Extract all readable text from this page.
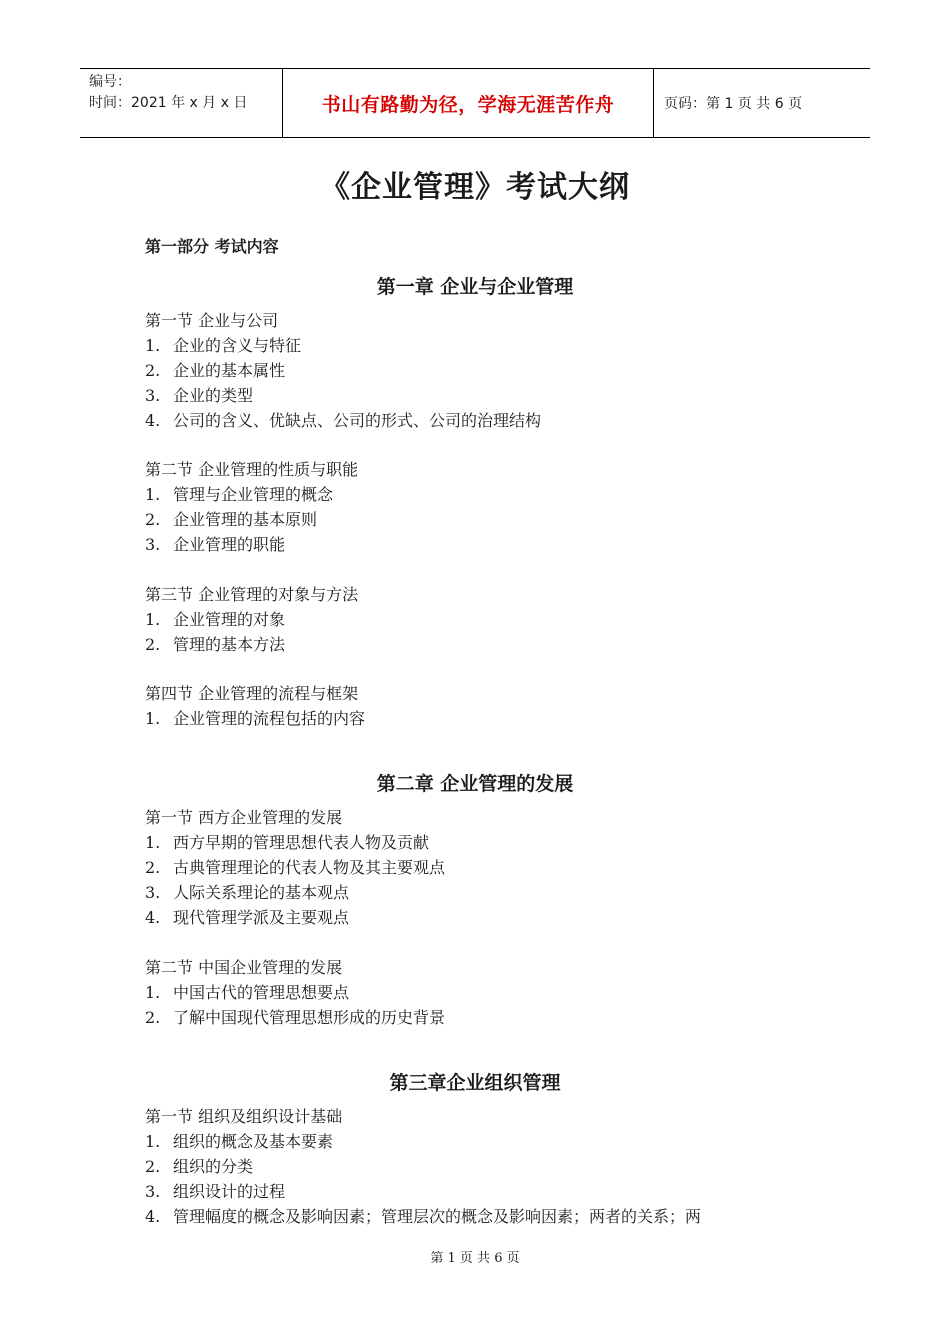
编号：
时间：2021 年 x 月 x 日	书山有路勤为径，学海无涯苦作舟	页码：第 1 页 共 6 页
《企业管理》考试大纲
第一部分 考试内容
第一章 企业与企业管理
第一节 企业与公司
1. 企业的含义与特征
2. 企业的基本属性
3. 企业的类型
4. 公司的含义、优缺点、公司的形式、公司的治理结构
第二节 企业管理的性质与职能
1. 管理与企业管理的概念
2. 企业管理的基本原则
3. 企业管理的职能
第三节 企业管理的对象与方法
1. 企业管理的对象
2. 管理的基本方法
第四节 企业管理的流程与框架
1. 企业管理的流程包括的内容
第二章 企业管理的发展
第一节 西方企业管理的发展
1. 西方早期的管理思想代表人物及贡献
2. 古典管理理论的代表人物及其主要观点
3. 人际关系理论的基本观点
4. 现代管理学派及主要观点
第二节 中国企业管理的发展
1. 中国古代的管理思想要点
2. 了解中国现代管理思想形成的历史背景
第三章企业组织管理
第一节 组织及组织设计基础
1. 组织的概念及基本要素
2. 组织的分类
3. 组织设计的过程
4. 管理幅度的概念及影响因素；管理层次的概念及影响因素；两者的关系；两
第 1 页 共 6 页
